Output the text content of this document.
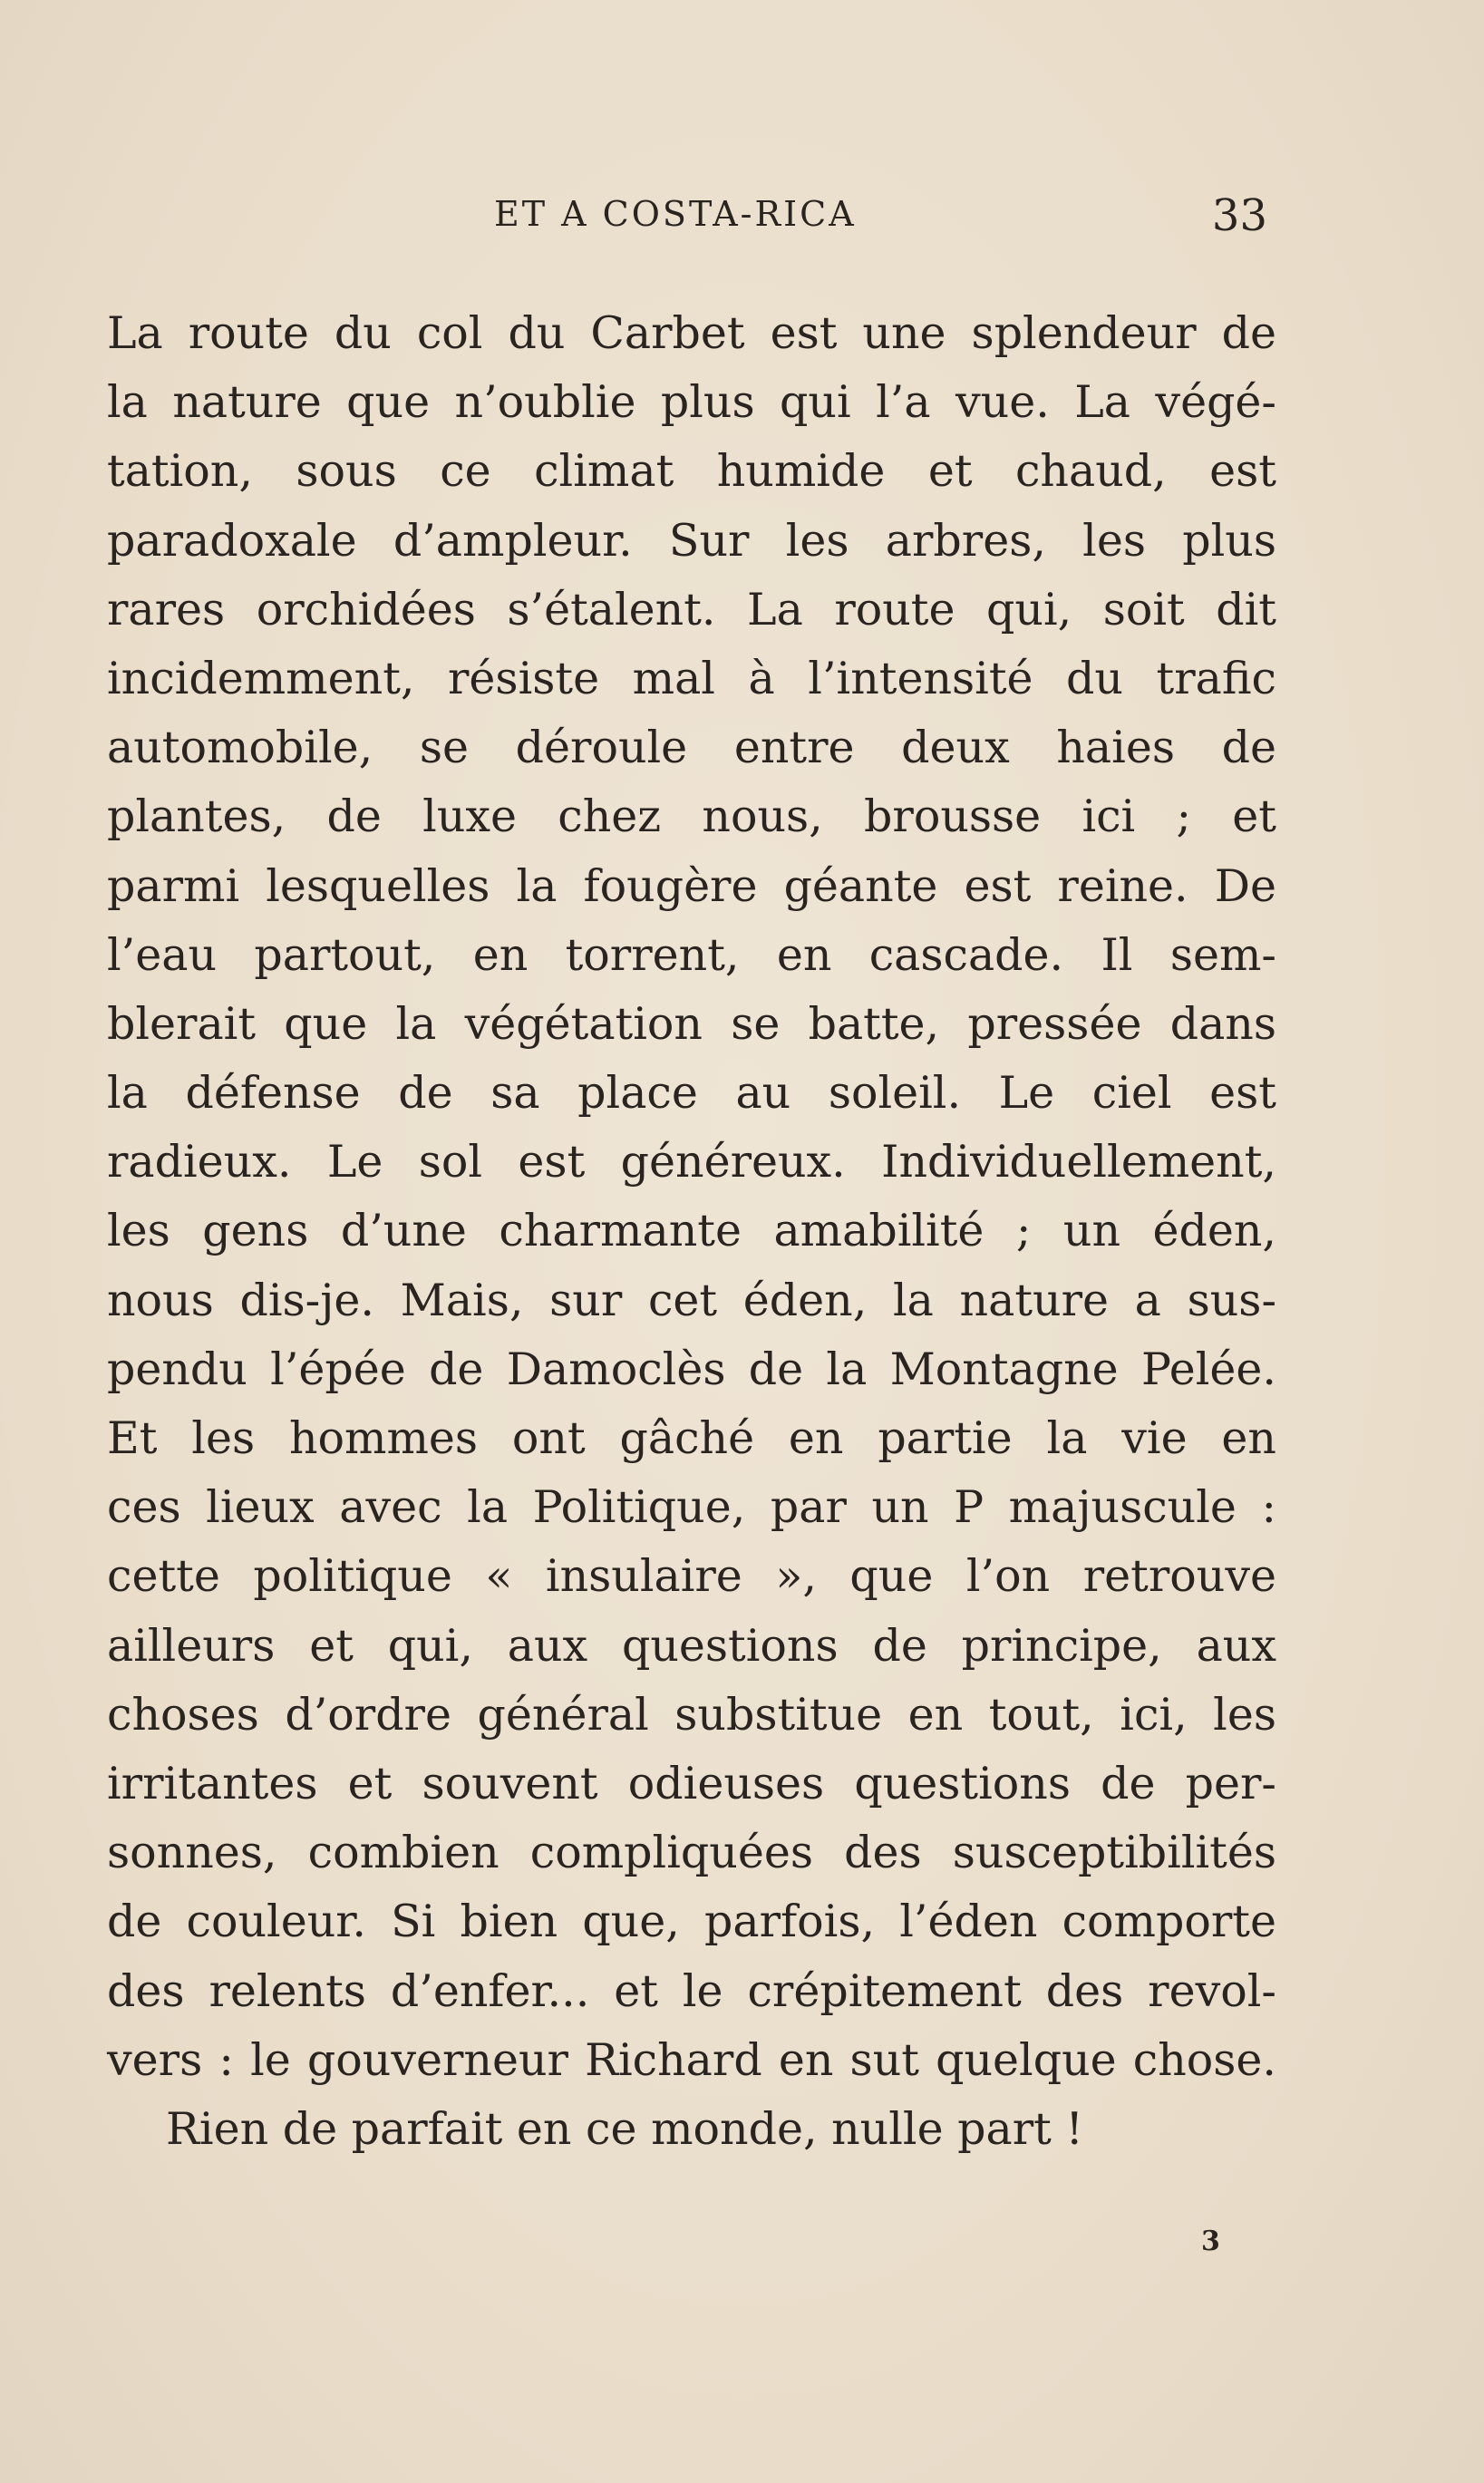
ET A COSTA-RICA	33
La route du col du Carbet est une splendeur de
la nature que n’oublie plus qui l’a vue. La végé-
tation, sous ce climat humide et chaud, est
paradoxale d’ampleur. Sur les arbres, les plus
rares orchidées s’étalent. La route qui, soit dit
incidemment, résiste mal à l’intensité du trafic
automobile, se déroule entre deux haies de
plantes, de luxe chez nous, brousse ici ; et
parmi lesquelles la fougère géante est reine. De
l’eau partout, en torrent, en cascade. Il sem-
blerait que la végétation se batte, pressée dans
la défense de sa place au soleil. Le ciel est
radieux. Le sol est généreux. Individuellement,
les gens d’une charmante amabilité ; un éden,
nous dis-je. Mais, sur cet éden, la nature a sus-
pendu l’épée de Damoclès de la Montagne Pelée.
Et les hommes ont gâché en partie la vie en
ces lieux avec la Politique, par un P majuscule :
cette politique « insulaire », que l’on retrouve
ailleurs et qui, aux questions de principe, aux
choses d’ordre général substitue en tout, ici, les
irritantes et souvent odieuses questions de per-
sonnes, combien compliquées des susceptibilités
de couleur. Si bien que, parfois, l’éden comporte
des relents d’enfer... et le crépitement des revol-
vers : le gouverneur Richard en sut quelque chose.
Rien de parfait en ce monde, nulle part !
3
